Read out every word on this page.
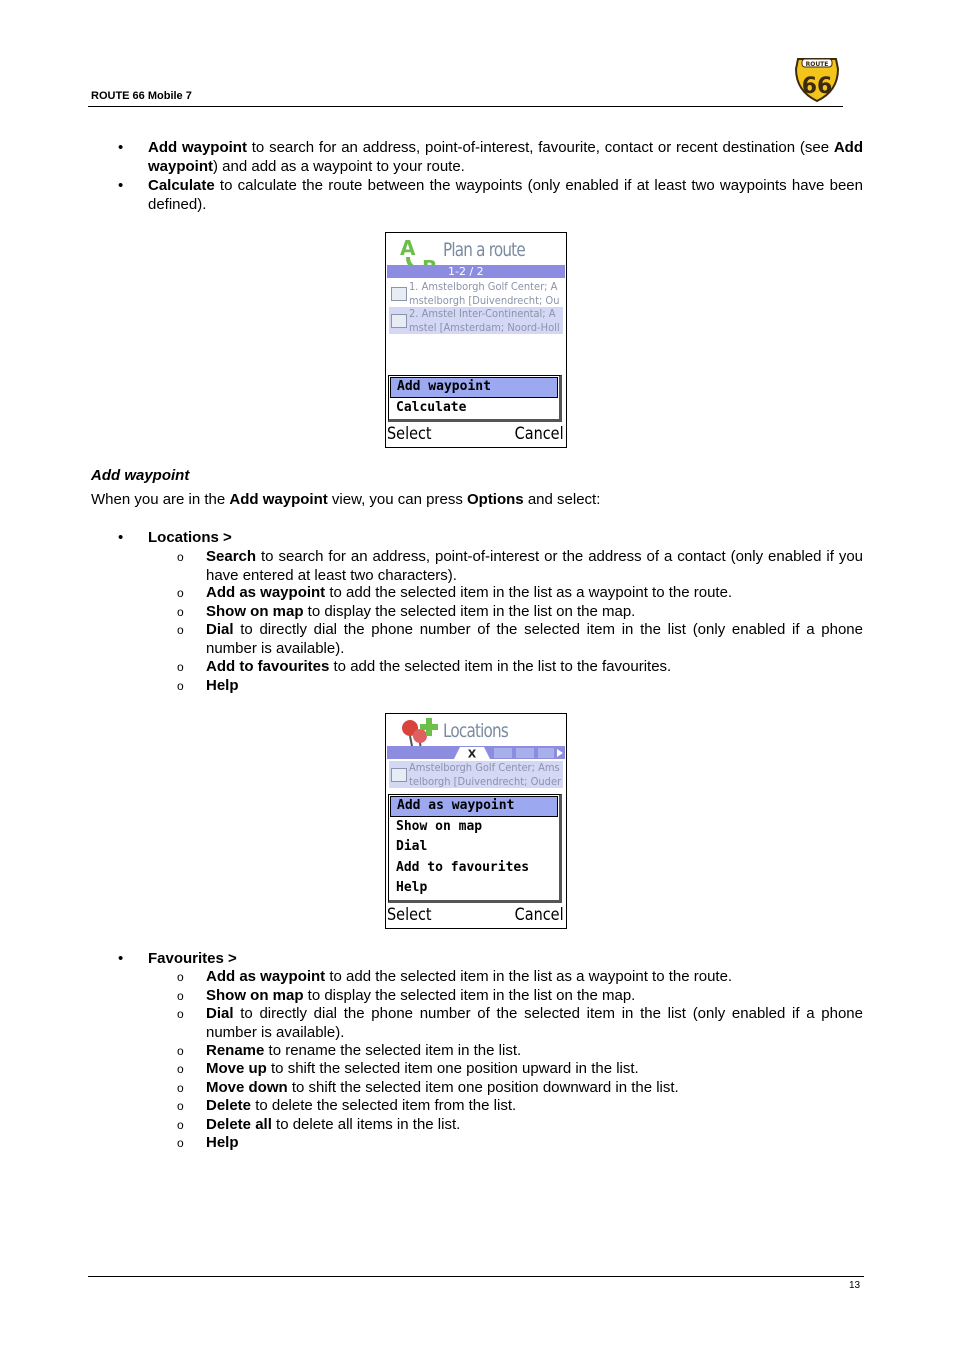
ROUTE 66 Mobile 7
ROUTE
66
• Add waypoint to search for an address, point-of-interest, favourite, contact or recent destination (see Add waypoint) and add as a waypoint to your route.
• Calculate to calculate the route between the waypoints (only enabled if at least two waypoints have been defined).
A Plan a route
1-2 / 2
1. Amstelborgh Golf Center; A
mstelborgh [Duivendrecht; Ou
2. Amstel Inter-Continental; A
mstel [Amsterdam; Noord-Holl
Add waypoint
Calculate
Select	Cancel
Add waypoint
When you are in the Add waypoint view, you can press Options and select:
• Locations >
o Search to search for an address, point-of-interest or the address of a contact (only enabled if you have entered at least two characters).
o Add as waypoint to add the selected item in the list as a waypoint to the route.
o Show on map to display the selected item in the list on the map.
o Dial to directly dial the phone number of the selected item in the list (only enabled if a phone number is available).
o Add to favourites to add the selected item in the list to the favourites.
o Help
Locations
X
Amstelborgh Golf Center; Ams
telborgh [Duivendrecht; Ouder
Add as waypoint
Show on map
Dial
Add to favourites
Help
Select	Cancel
• Favourites >
o Add as waypoint to add the selected item in the list as a waypoint to the route.
o Show on map to display the selected item in the list on the map.
o Dial to directly dial the phone number of the selected item in the list (only enabled if a phone number is available).
o Rename to rename the selected item in the list.
o Move up to shift the selected item one position upward in the list.
o Move down to shift the selected item one position downward in the list.
o Delete to delete the selected item from the list.
o Delete all to delete all items in the list.
o Help
13
